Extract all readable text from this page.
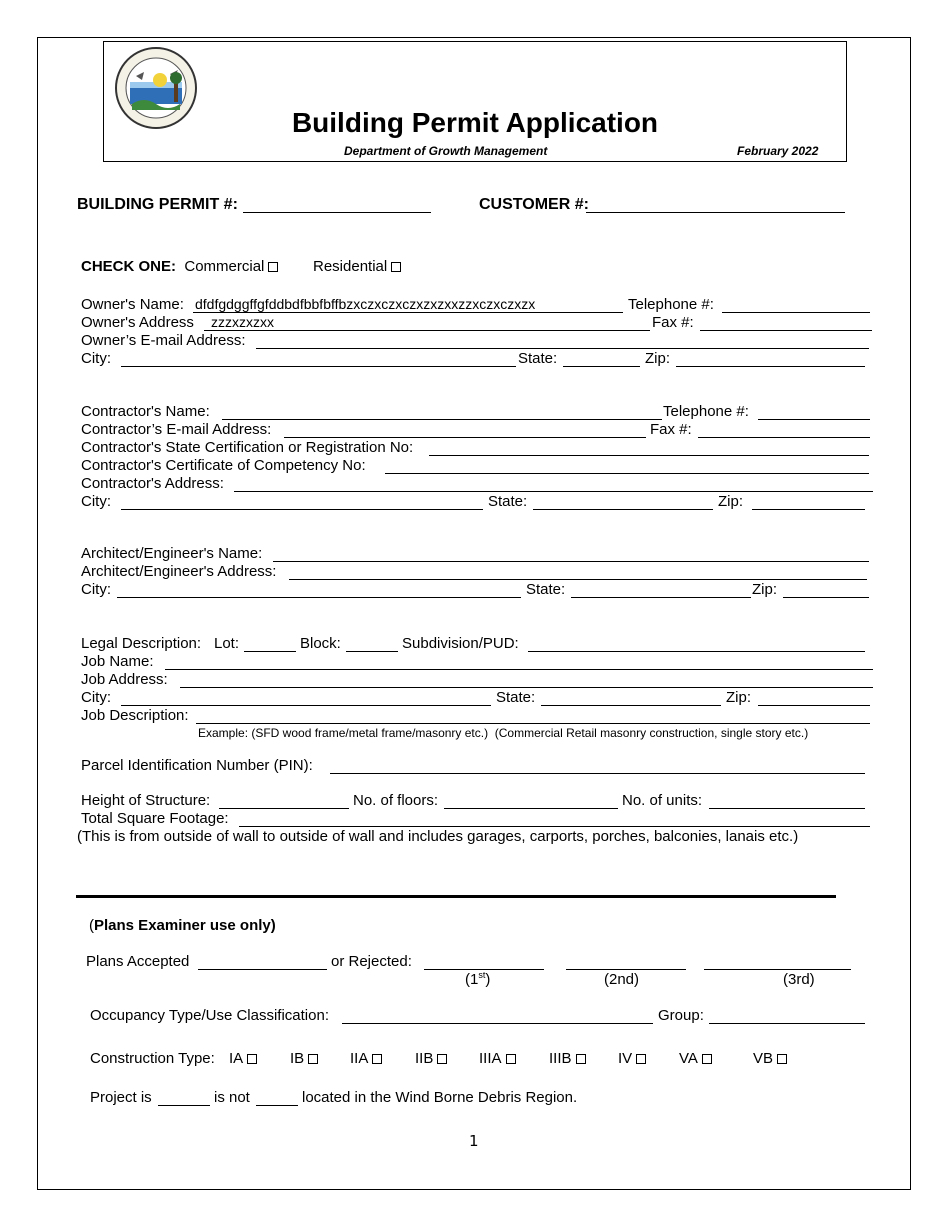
Building Permit Application
Department of Growth Management	February 2022
BUILDING PERMIT #:	CUSTOMER #:
CHECK ONE: Commercial	Residential
Owner's Name: dfdfgdggffgfddbdfbbfbffbzxczxczxczxzxzxxzzxczxczxzx	Telephone #:
Owner's Address zzzxzxzxx	Fax #:
Owner’s E-mail Address:
City:	State:	Zip:
Contractor's Name:	Telephone #:
Contractor’s E-mail Address:	Fax #:
Contractor's State Certification or Registration No:
Contractor's Certificate of Competency No:
Contractor's Address:
City:	State:	Zip:
Architect/Engineer's Name:
Architect/Engineer's Address:
City:	State:	Zip:
Legal Description: Lot:	Block:	Subdivision/PUD:
Job Name:
Job Address:
City:	State:	Zip:
Job Description:
Example: (SFD wood frame/metal frame/masonry etc.)  (Commercial Retail masonry construction, single story etc.)
Parcel Identification Number (PIN):
Height of Structure:	No. of floors:	No. of units:
Total Square Footage:
(This is from outside of wall to outside of wall and includes garages, carports, porches, balconies, lanais etc.)
(Plans Examiner use only)
Plans Accepted	or Rejected:
(1st)	(2nd)	(3rd)
Occupancy Type/Use Classification:	Group:
Construction Type: IA	IB	IIA	IIB	IIIA	IIIB	IV	VA	VB
Project is	is not	located in the Wind Borne Debris Region.
1
